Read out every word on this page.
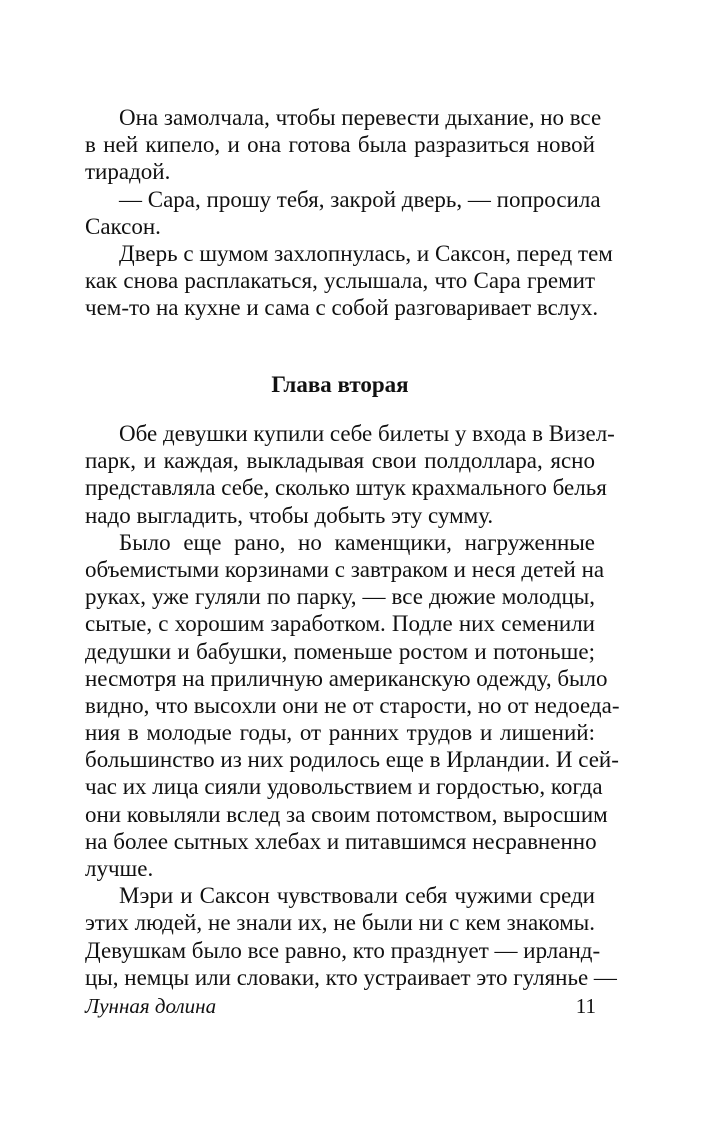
Она замолчала, чтобы перевести дыхание, но все
в ней кипело, и она готова была разразиться новой
тирадой.
— Сара, прошу тебя, закрой дверь, — попросила
Саксон.
Дверь с шумом захлопнулась, и Саксон, перед тем
как снова расплакаться, услышала, что Сара гремит
чем-то на кухне и сама с собой разговаривает вслух.
Глава вторая
Обе девушки купили себе билеты у входа в Визел-
парк, и каждая, выкладывая свои полдоллара, ясно
представляла себе, сколько штук крахмального белья
надо выгладить, чтобы добыть эту сумму.
Было еще рано, но каменщики, нагруженные
объемистыми корзинами с завтраком и неся детей на
руках, уже гуляли по парку, — все дюжие молодцы,
сытые, с хорошим заработком. Подле них семенили
дедушки и бабушки, поменьше ростом и потоньше;
несмотря на приличную американскую одежду, было
видно, что высохли они не от старости, но от недоеда-
ния в молодые годы, от ранних трудов и лишений:
большинство из них родилось еще в Ирландии. И сей-
час их лица сияли удовольствием и гордостью, когда
они ковыляли вслед за своим потомством, выросшим
на более сытных хлебах и питавшимся несравненно
лучше.
Мэри и Саксон чувствовали себя чужими среди
этих людей, не знали их, не были ни с кем знакомы.
Девушкам было все равно, кто празднует — ирланд-
цы, немцы или словаки, кто устраивает это гулянье —
Лунная долина	11
